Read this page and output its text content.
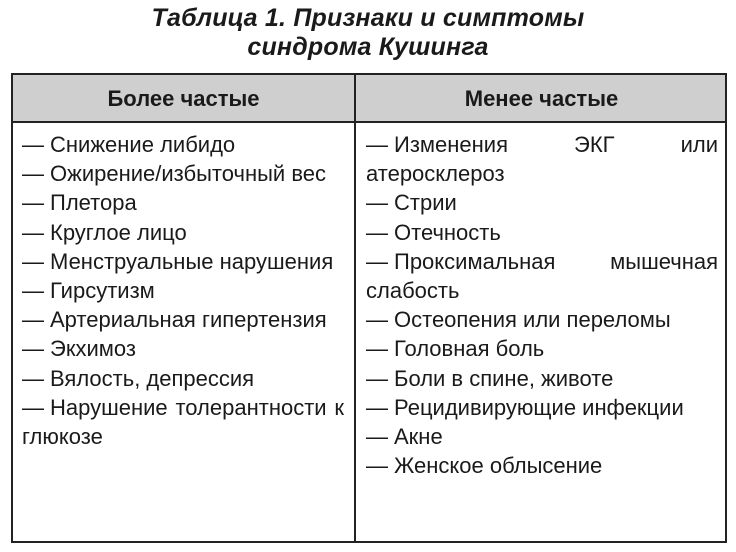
Таблица 1. Признаки и симптомы
синдрома Кушинга
Более частые	Менее частые
— Снижение либидо
— Ожирение/избыточный вес
— Плетора
— Круглое лицо
— Менструальные нарушения
— Гирсутизм
— Артериальная гипертензия
— Экхимоз
— Вялость, депрессия
— Нарушение толерантности к глюкозе
— Изменения ЭКГ или атеросклероз
— Стрии
— Отечность
— Проксимальная мышечная слабость
— Остеопения или переломы
— Головная боль
— Боли в спине, животе
— Рецидивирующие инфекции
— Акне
— Женское облысение
